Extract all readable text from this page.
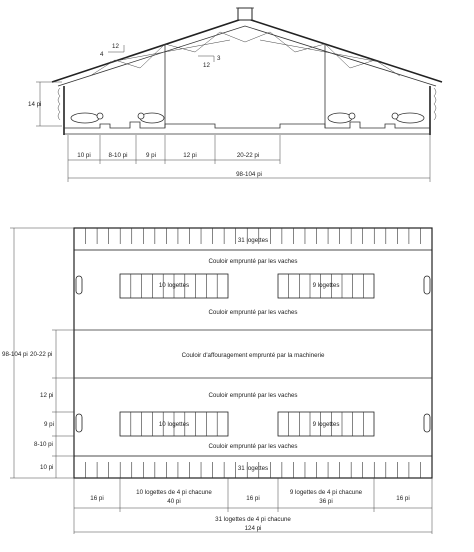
12
4
3
12
14 pi
10 pi	8-10 pi	9 pi	12 pi	20-22 pi
98-104 pi
31 logettes
Couloir emprunté par les vaches
10 logettes	9 logettes
Couloir emprunté par les vaches
Couloir d'affouragement emprunté par la machinerie
Couloir emprunté par les vaches
10 logettes	9 logettes
Couloir emprunté par les vaches
31 logettes
98-104 pi 20-22 pi
12 pi
9 pi
8-10 pi
10 pi
16 pi
10 logettes de 4 pi chacune
40 pi	16 pi
9 logettes de 4 pi chacune
36 pi	16 pi
31 logettes de 4 pi chacune
124 pi
